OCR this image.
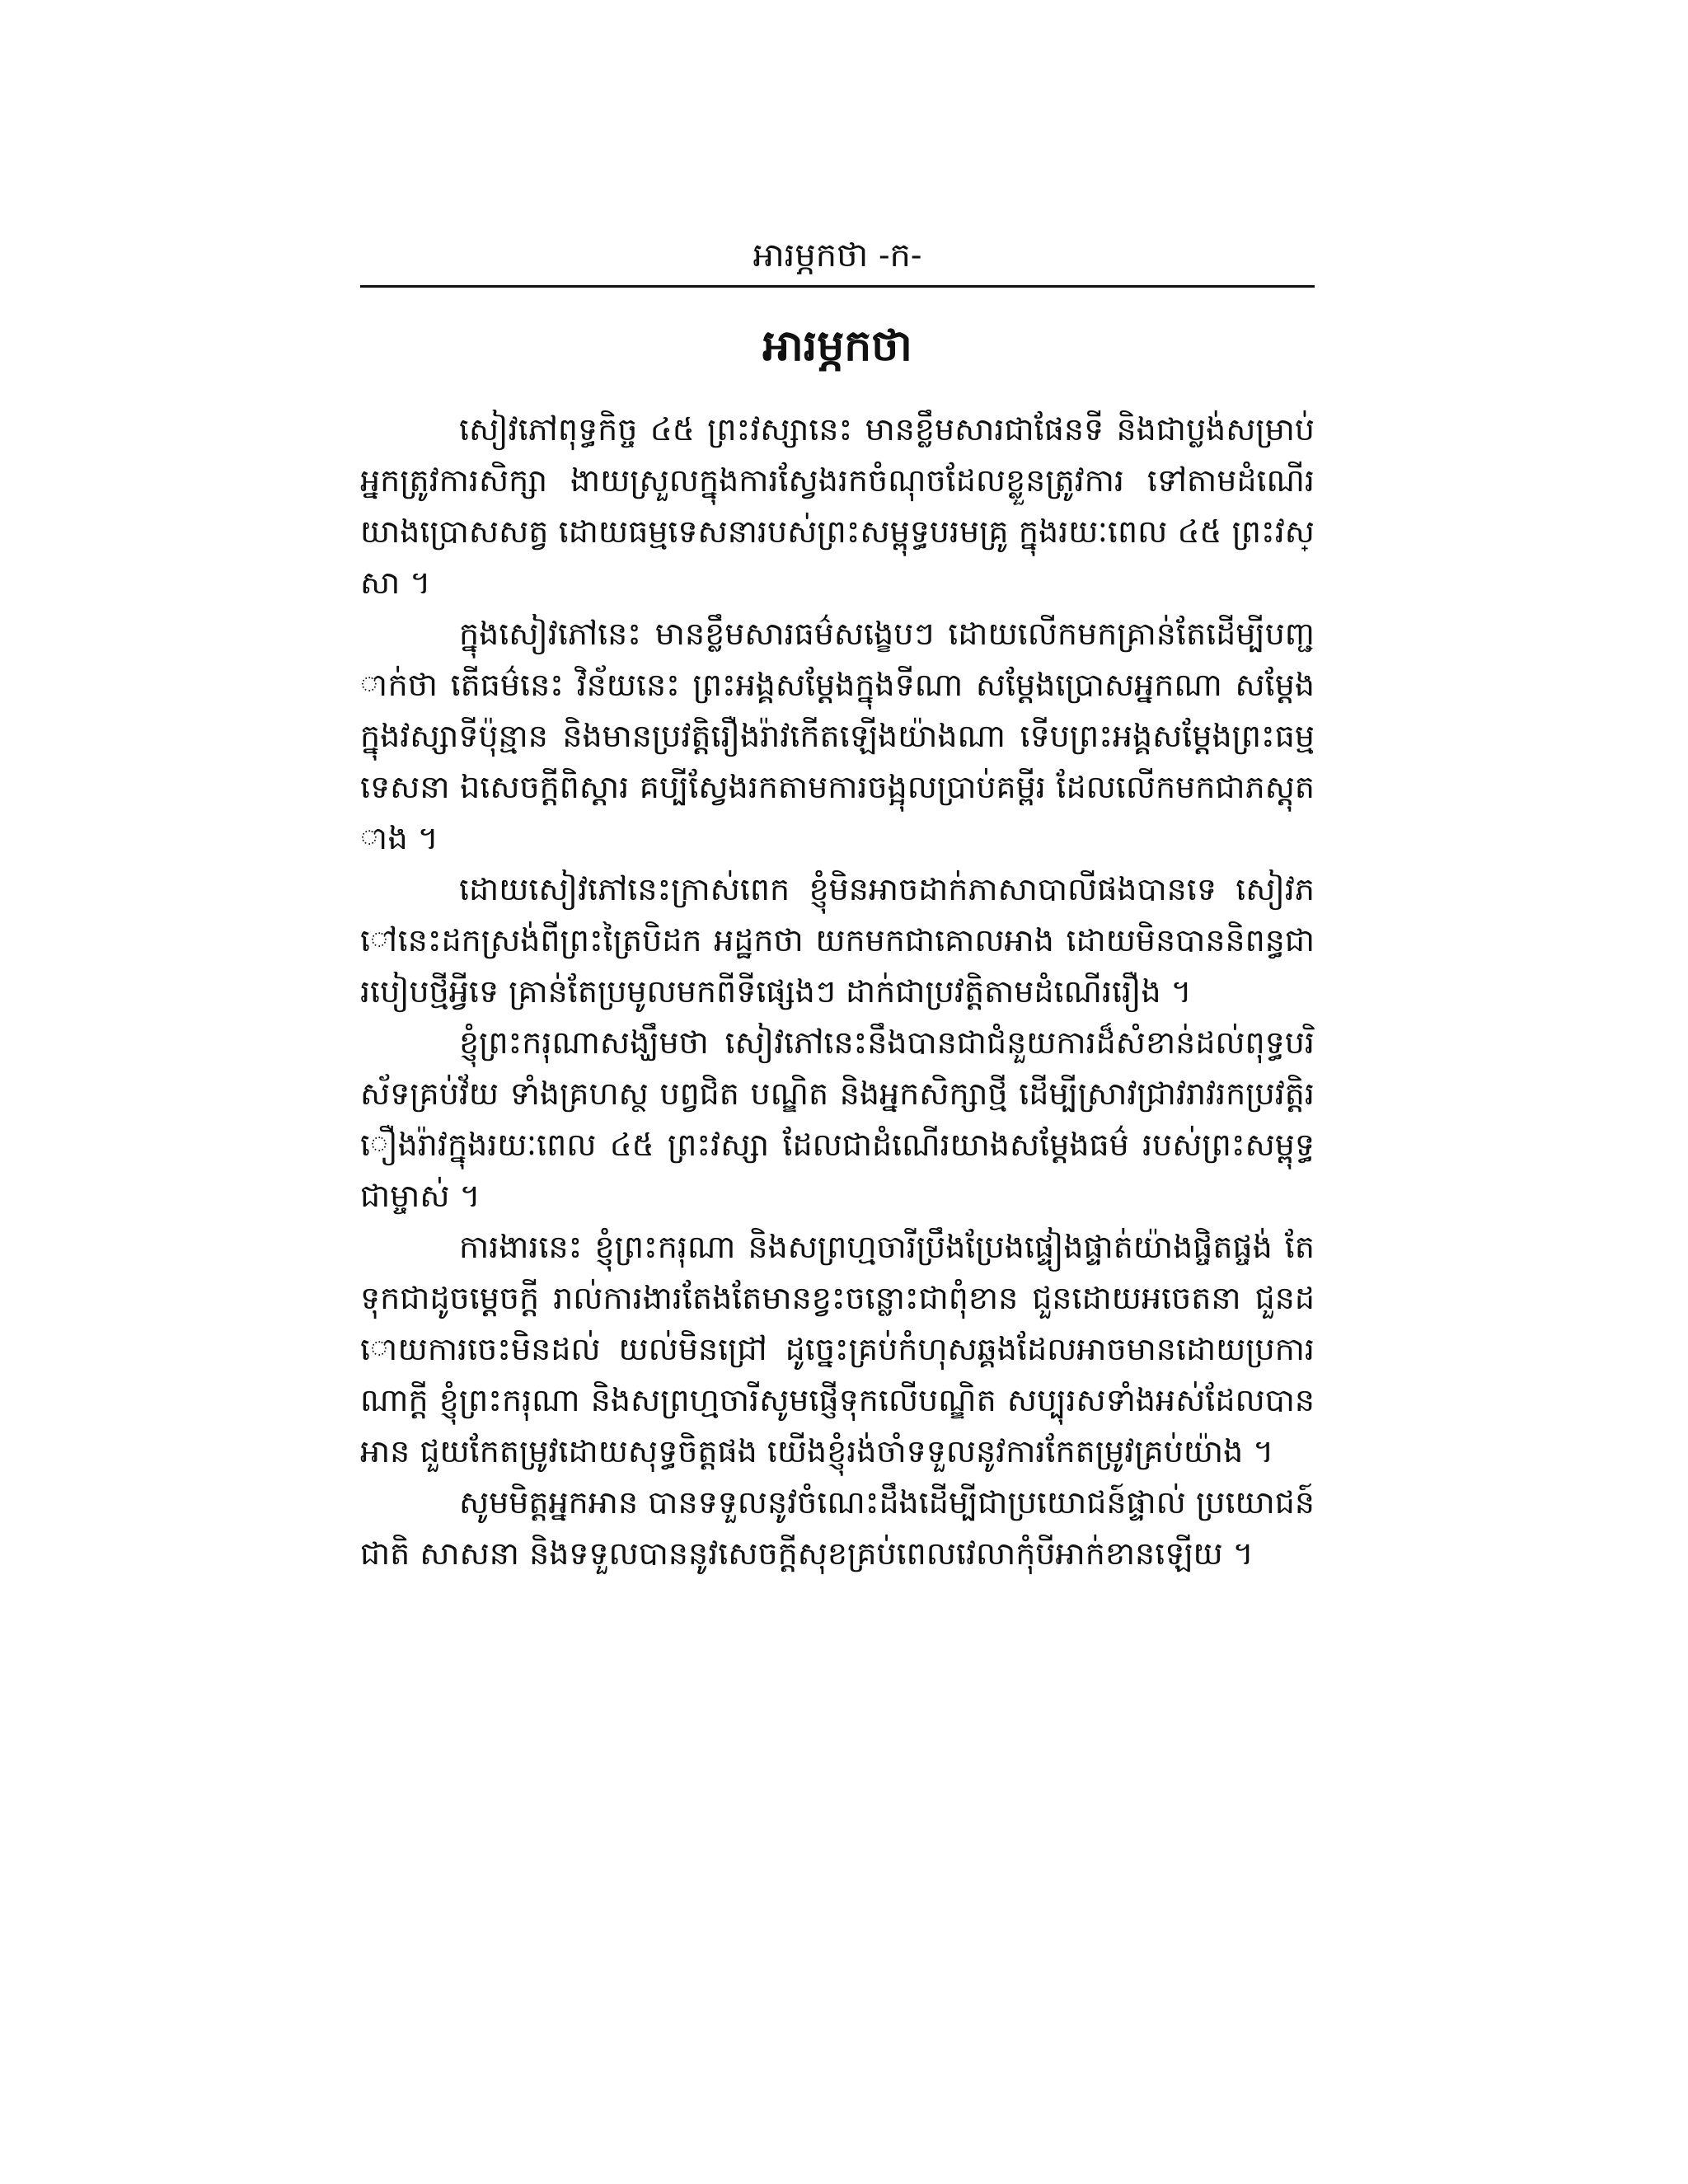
អារម្ភកថា -ក-
អារម្ភកថា

សៀវភៅពុទ្ធកិច្ច ៤៥ ព្រះវស្សានេះ មានខ្លឹមសារជាផែនទី និងជាប្លង់សម្រាប់អ្នកត្រូវការសិក្សា ងាយស្រួលក្នុងការស្វែងរកចំណុចដែលខ្លួនត្រូវការ ទៅតាមដំណើរយាងប្រោសសត្វ ដោយធម្មទេសនារបស់ព្រះសម្ពុទ្ធបរមគ្រូ ក្នុងរយៈពេល ៤៥ ព្រះវស្សា ។

ក្នុងសៀវភៅនេះ មានខ្លឹមសារធម៌សង្ខេបៗ ដោយលើកមកគ្រាន់តែដើម្បីបញ្ជាក់ថា តើធម៌នេះ វិន័យនេះ ព្រះអង្គសម្តែងក្នុងទីណា សម្តែងប្រោសអ្នកណា សម្តែងក្នុងវស្សាទីប៉ុន្មាន និងមានប្រវត្តិរឿងរ៉ាវកើតឡើងយ៉ាងណា ទើបព្រះអង្គសម្តែងព្រះធម្មទេសនា ឯសេចក្តីពិស្តារ គប្បីស្វែងរកតាមការចង្អុលប្រាប់គម្ពីរ ដែលលើកមកជាភស្តុតាង ។

ដោយសៀវភៅនេះក្រាស់ពេក ខ្ញុំមិនអាចដាក់ភាសាបាលីផងបានទេ សៀវភៅនេះដកស្រង់ពីព្រះត្រៃបិដក អដ្ឋកថា យកមកជាគោលអាង ដោយមិនបាននិពន្ធជារបៀបថ្មីអ្វីទេ គ្រាន់តែប្រមូលមកពីទីផ្សេងៗ ដាក់ជាប្រវត្តិតាមដំណើររឿង ។

ខ្ញុំព្រះករុណាសង្ឃឹមថា សៀវភៅនេះនឹងបានជាជំនួយការដ៏សំខាន់ដល់ពុទ្ធបរិស័ទគ្រប់វ័យ ទាំងគ្រហស្ថ បព្វជិត បណ្ឌិត និងអ្នកសិក្សាថ្មី ដើម្បីស្រាវជ្រាវរាវរកប្រវត្តិរឿងរ៉ាវក្នុងរយៈពេល ៤៥ ព្រះវស្សា ដែលជាដំណើរយាងសម្តែងធម៌ របស់ព្រះសម្ពុទ្ធជាម្ចាស់ ។

ការងារនេះ ខ្ញុំព្រះករុណា និងសព្រហ្មចារីប្រឹងប្រែងផ្ទៀងផ្ទាត់យ៉ាងផ្ចិតផ្ចង់ តែទុកជាដូចម្តេចក្តី រាល់ការងារតែងតែមានខ្វះចន្លោះជាពុំខាន ជួនដោយអចេតនា ជួនដោយការចេះមិនដល់ យល់មិនជ្រៅ ដូច្នេះគ្រប់កំហុសឆ្គងដែលអាចមានដោយប្រការណាក្តី ខ្ញុំព្រះករុណា និងសព្រហ្មចារីសូមផ្ញើទុកលើបណ្ឌិត សប្បុរសទាំងអស់ដែលបានអាន ជួយកែតម្រូវដោយសុទ្ធចិត្តផង យើងខ្ញុំរង់ចាំទទួលនូវការកែតម្រូវគ្រប់យ៉ាង ។

សូមមិត្តអ្នកអាន បានទទួលនូវចំណេះដឹងដើម្បីជាប្រយោជន៍ផ្ទាល់ ប្រយោជន៍ជាតិ សាសនា និងទទួលបាននូវសេចក្តីសុខគ្រប់ពេលវេលាកុំបីអាក់ខានឡើយ ។
